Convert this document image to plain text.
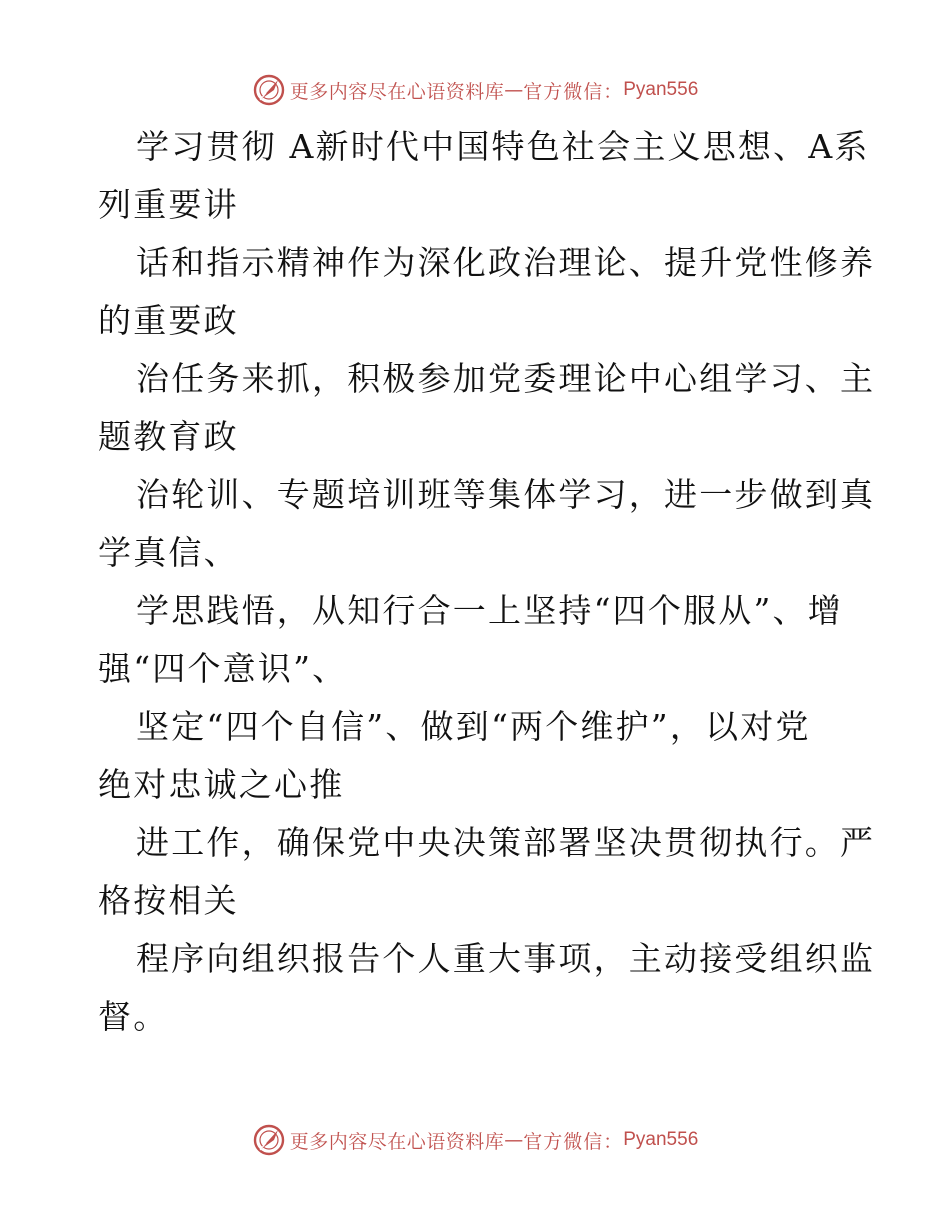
更多内容尽在心语资料库 — 官方微信： Pyan556

学习贯彻 A新时代中国特色社会主义思想、A系
列重要讲

话和指示精神作为深化政治理论、提升党性修养
的重要政

治任务来抓，积极参加党委理论中心组学习、主
题教育政

治轮训、专题培训班等集体学习，进一步做到真
学真信、

学思践悟，从知行合一上坚持“四个服从”、增
强“四个意识”、

坚定“四个自信”、做到“两个维护”，以对党
绝对忠诚之心推

进工作，确保党中央决策部署坚决贯彻执行。严
格按相关

程序向组织报告个人重大事项，主动接受组织监
督。

更多内容尽在心语资料库 — 官方微信： Pyan556
